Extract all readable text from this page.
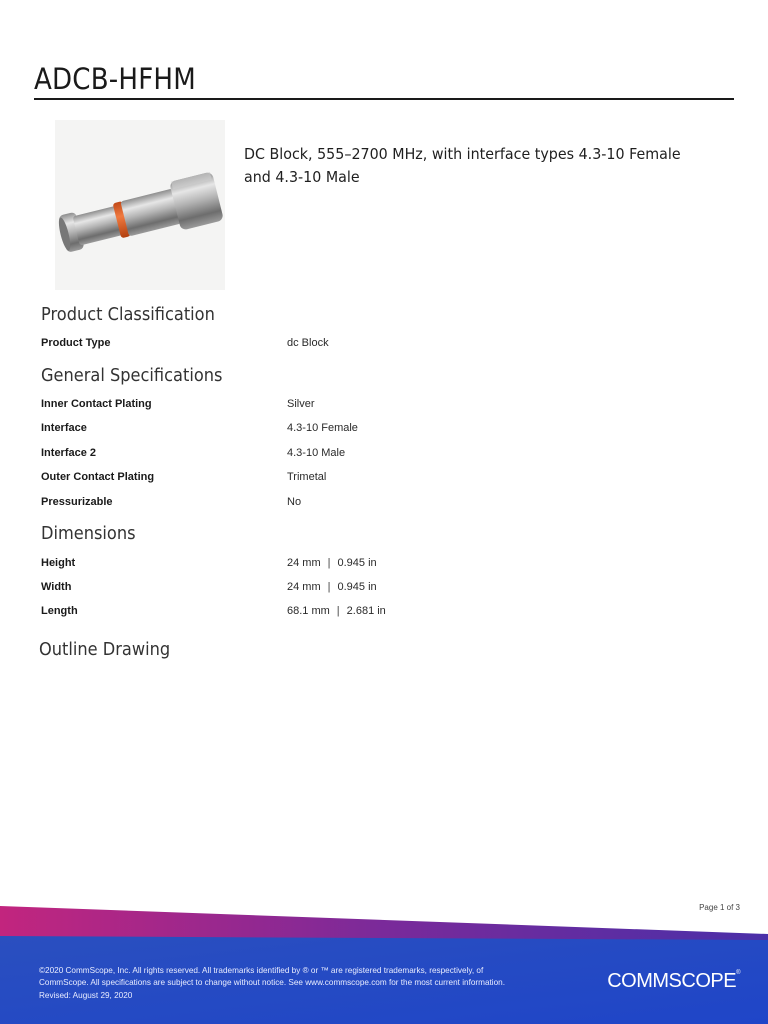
ADCB-HFHM
DC Block, 555–2700 MHz, with interface types 4.3-10 Female and 4.3-10 Male
Product Classification
Product Type	dc Block
General Specifications
Inner Contact Plating	Silver
Interface	4.3-10 Female
Interface 2	4.3-10 Male
Outer Contact Plating	Trimetal
Pressurizable	No
Dimensions
Height	24 mm | 0.945 in
Width	24 mm | 0.945 in
Length	68.1 mm | 2.681 in
Outline Drawing
Page 1 of 3
©2020 CommScope, Inc. All rights reserved. All trademarks identified by ® or ™ are registered trademarks, respectively, of CommScope. All specifications are subject to change without notice. See www.commscope.com for the most current information. Revised: August 29, 2020
COMMSCOPE®
